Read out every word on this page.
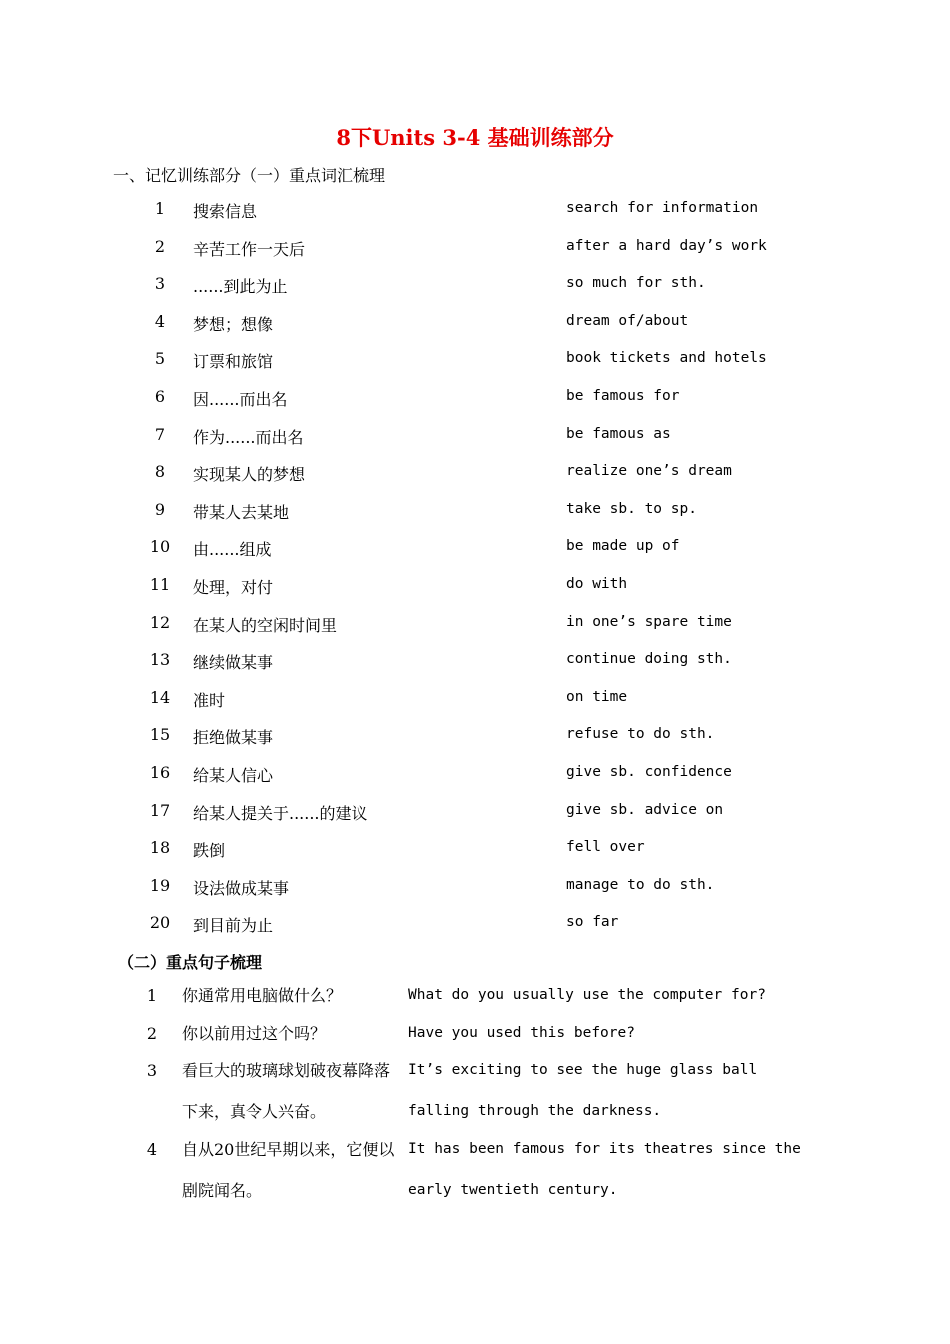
8下Units 3-4 基础训练部分
一、记忆训练部分（一）重点词汇梳理
1	搜索信息	search for information
2	辛苦工作一天后	after a hard day’s work
3	......到此为止	so much for sth.
4	梦想；想像	dream of/about
5	订票和旅馆	book tickets and hotels
6	因......而出名	be famous for
7	作为......而出名	be famous as
8	实现某人的梦想	realize one’s dream
9	带某人去某地	take sb. to sp.
10 由......组成	be made up of
11 处理，对付	do with
12 在某人的空闲时间里	in one’s spare time
13 继续做某事	continue doing sth.
14 准时	on time
15 拒绝做某事	refuse to do sth.
16 给某人信心	give sb. confidence
17 给某人提关于......的建议	give sb. advice on
18 跌倒	fell over
19 设法做成某事	manage to do sth.
20 到目前为止	so far
（二）重点句子梳理
1	你通常用电脑做什么？	What do you usually use the computer for?
2	你以前用过这个吗？	Have you used this before?
3	看巨大的玻璃球划破夜幕降落下来，真令人兴奋。
It’s exciting to see the huge glass ball falling through the darkness.
4	自从20世纪早期以来，它便以剧院闻名。
It has been famous for its theatres since the early twentieth century.
